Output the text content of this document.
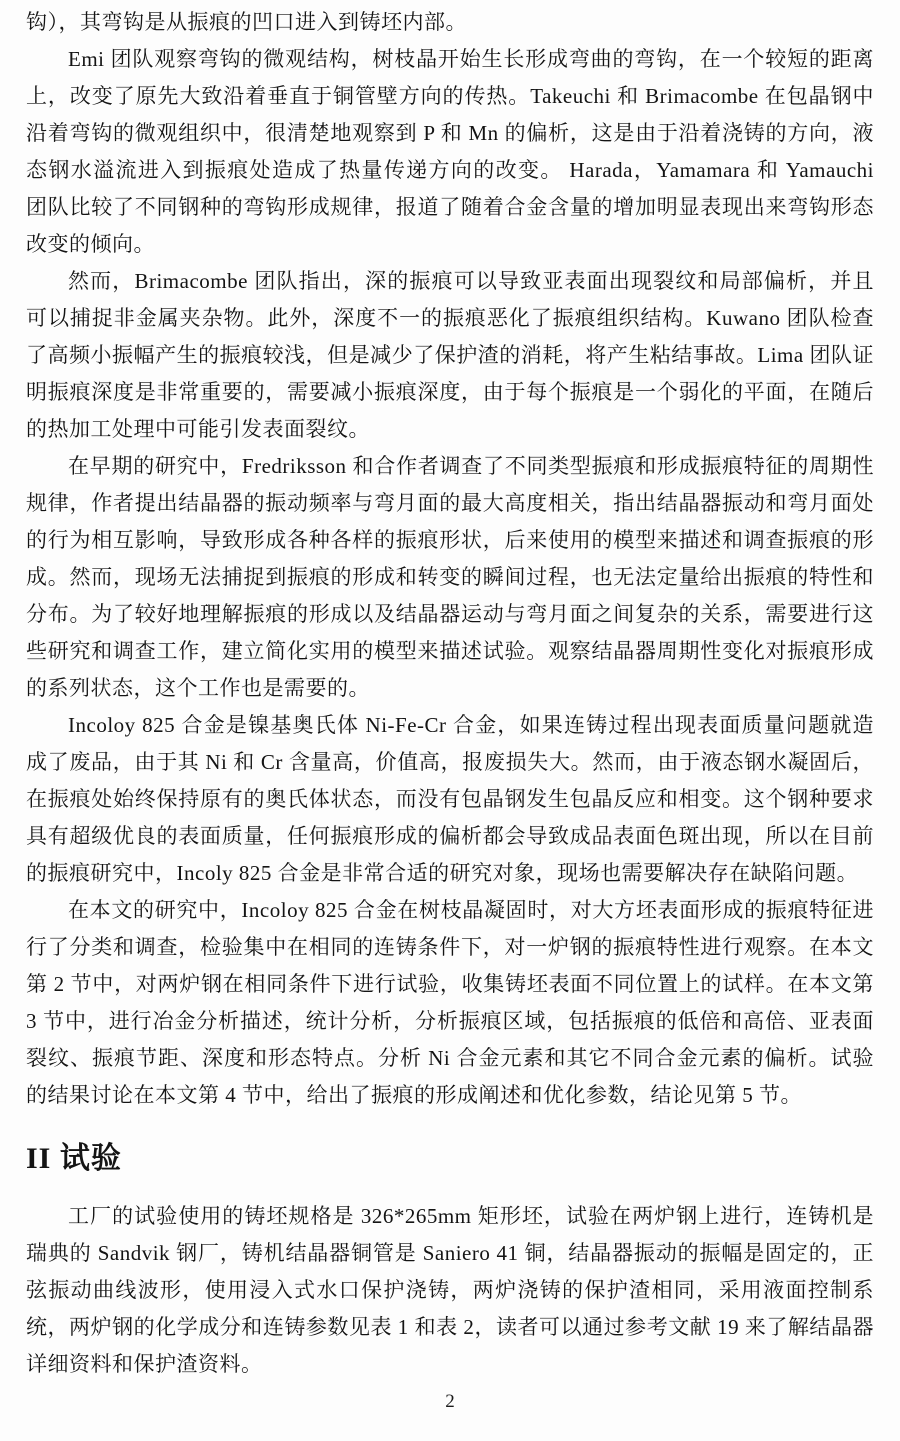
钩），其弯钩是从振痕的凹口进入到铸坯内部。

Emi 团队观察弯钩的微观结构，树枝晶开始生长形成弯曲的弯钩，在一个较短的距离上，改变了原先大致沿着垂直于铜管壁方向的传热。Takeuchi 和 Brimacombe 在包晶钢中沿着弯钩的微观组织中，很清楚地观察到 P 和 Mn 的偏析，这是由于沿着浇铸的方向，液态钢水溢流进入到振痕处造成了热量传递方向的改变。 Harada，Yamamara 和 Yamauchi 团队比较了不同钢种的弯钩形成规律，报道了随着合金含量的增加明显表现出来弯钩形态改变的倾向。

然而，Brimacombe 团队指出，深的振痕可以导致亚表面出现裂纹和局部偏析，并且可以捕捉非金属夹杂物。此外，深度不一的振痕恶化了振痕组织结构。Kuwano 团队检查了高频小振幅产生的振痕较浅，但是减少了保护渣的消耗，将产生粘结事故。Lima 团队证明振痕深度是非常重要的，需要减小振痕深度，由于每个振痕是一个弱化的平面，在随后的热加工处理中可能引发表面裂纹。

在早期的研究中，Fredriksson 和合作者调查了不同类型振痕和形成振痕特征的周期性规律，作者提出结晶器的振动频率与弯月面的最大高度相关，指出结晶器振动和弯月面处的行为相互影响，导致形成各种各样的振痕形状，后来使用的模型来描述和调查振痕的形成。然而，现场无法捕捉到振痕的形成和转变的瞬间过程，也无法定量给出振痕的特性和分布。为了较好地理解振痕的形成以及结晶器运动与弯月面之间复杂的关系，需要进行这些研究和调查工作，建立简化实用的模型来描述试验。观察结晶器周期性变化对振痕形成的系列状态，这个工作也是需要的。

Incoloy 825 合金是镍基奥氏体 Ni-Fe-Cr 合金，如果连铸过程出现表面质量问题就造成了废品，由于其 Ni 和 Cr 含量高，价值高，报废损失大。然而，由于液态钢水凝固后，在振痕处始终保持原有的奥氏体状态，而没有包晶钢发生包晶反应和相变。这个钢种要求具有超级优良的表面质量，任何振痕形成的偏析都会导致成品表面色斑出现，所以在目前的振痕研究中，Incoly 825 合金是非常合适的研究对象，现场也需要解决存在缺陷问题。

在本文的研究中，Incoloy 825 合金在树枝晶凝固时，对大方坯表面形成的振痕特征进行了分类和调查，检验集中在相同的连铸条件下，对一炉钢的振痕特性进行观察。在本文第 2 节中，对两炉钢在相同条件下进行试验，收集铸坯表面不同位置上的试样。在本文第 3 节中，进行冶金分析描述，统计分析，分析振痕区域，包括振痕的低倍和高倍、亚表面裂纹、振痕节距、深度和形态特点。分析 Ni 合金元素和其它不同合金元素的偏析。试验的结果讨论在本文第 4 节中，给出了振痕的形成阐述和优化参数，结论见第 5 节。

II 试验

工厂的试验使用的铸坯规格是 326*265mm 矩形坯，试验在两炉钢上进行，连铸机是瑞典的 Sandvik 钢厂，铸机结晶器铜管是 Saniero 41 铜，结晶器振动的振幅是固定的，正弦振动曲线波形，使用浸入式水口保护浇铸，两炉浇铸的保护渣相同，采用液面控制系统，两炉钢的化学成分和连铸参数见表 1 和表 2，读者可以通过参考文献 19 来了解结晶器详细资料和保护渣资料。

2
